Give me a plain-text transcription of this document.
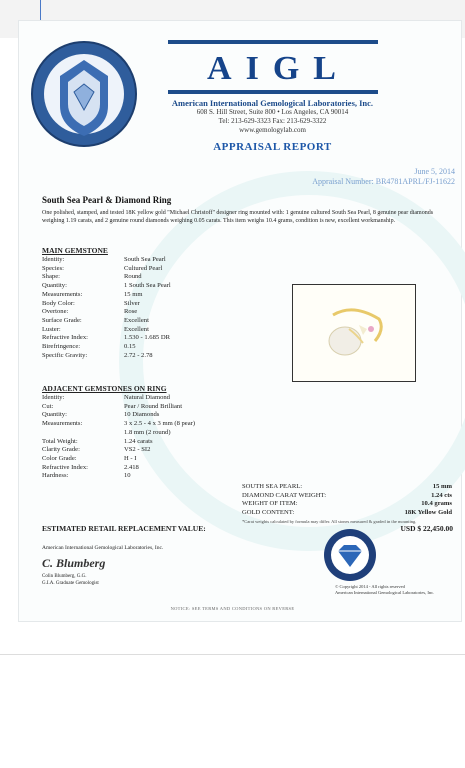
AIGL
American International Gemological Laboratories, Inc.
608 S. Hill Street, Suite 800 • Los Angeles, CA 90014
Tel: 213-629-3323 Fax: 213-629-3322
www.gemologylab.com
APPRAISAL REPORT
June 5, 2014
Appraisal Number: BR4781APRL/FJ-11622
South Sea Pearl & Diamond Ring
One polished, stamped, and tested 18K yellow gold "Michael Christoff" designer ring mounted with: 1 genuine cultured South Sea Pearl, 8 genuine pear diamonds weighing 1.19 carats, and 2 genuine round diamonds weighing 0.05 carats. This item weighs 10.4 grams, condition is new, excellent workmanship.
MAIN GEMSTONE
Identity:	South Sea Pearl
Species:	Cultured Pearl
Shape:	Round
Quantity:	1 South Sea Pearl
Measurements:	15 mm
Body Color:	Silver
Overtone:	Rose
Surface Grade:	Excellent
Luster:	Excellent
Refractive Index:	1.530 - 1.685 DR
Birefringence:	0.15
Specific Gravity:	2.72 - 2.78
ADJACENT GEMSTONES ON RING
Identity:	Natural Diamond
Cut:	Pear / Round Brilliant
Quantity:	10 Diamonds
Measurements:	3 x 2.5 - 4 x 3 mm (8 pear)
1.8 mm (2 round)
Total Weight:	1.24 carats
Clarity Grade:	VS2 - SI2
Color Grade:	H - I
Refractive Index:	2.418
Hardness:	10
SOUTH SEA PEARL:	15 mm
DIAMOND CARAT WEIGHT:	1.24 cts
WEIGHT OF ITEM:	10.4 grams
GOLD CONTENT:	18K Yellow Gold
*Carat weights calculated by formula may differ. All stones measured & graded in the mounting.
ESTIMATED RETAIL REPLACEMENT VALUE:	USD $ 22,450.00
American International Gemological Laboratories, Inc.
C. Blumberg
Colin Blumberg, G.G.
G.I.A. Graduate Gemologist
© Copyright 2014 - All rights reserved
American International Gemological Laboratories, Inc.
NOTICE: SEE TERMS AND CONDITIONS ON REVERSE
